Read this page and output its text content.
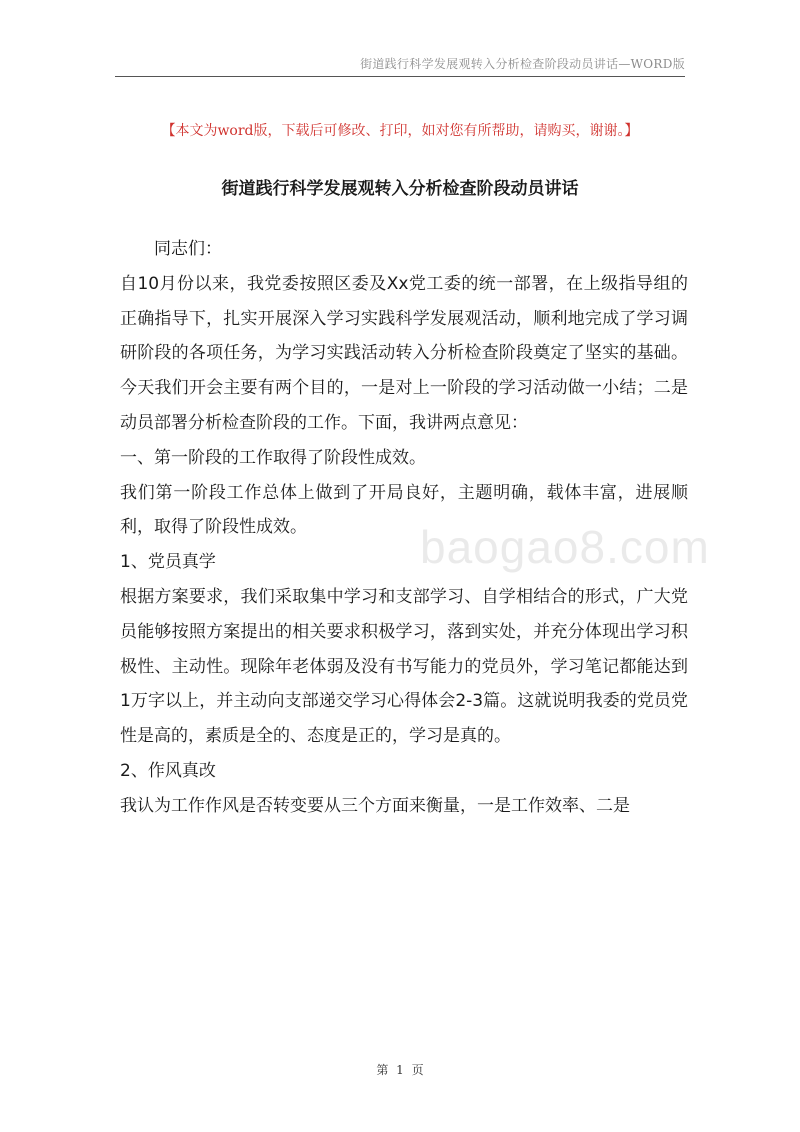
街道践行科学发展观转入分析检查阶段动员讲话—WORD版
【本文为word版，下载后可修改、打印，如对您有所帮助，请购买，谢谢。】
街道践行科学发展观转入分析检查阶段动员讲话

同志们：

自10月份以来，我党委按照区委及Xx党工委的统一部署，在上级指导组的正确指导下，扎实开展深入学习实践科学发展观活动，顺利地完成了学习调研阶段的各项任务，为学习实践活动转入分析检查阶段奠定了坚实的基础。今天我们开会主要有两个目的，一是对上一阶段的学习活动做一小结；二是动员部署分析检查阶段的工作。下面，我讲两点意见：

一、第一阶段的工作取得了阶段性成效。

我们第一阶段工作总体上做到了开局良好，主题明确，载体丰富，进展顺利，取得了阶段性成效。

1、党员真学

根据方案要求，我们采取集中学习和支部学习、自学相结合的形式，广大党员能够按照方案提出的相关要求积极学习，落到实处，并充分体现出学习积极性、主动性。现除年老体弱及没有书写能力的党员外，学习笔记都能达到1万字以上，并主动向支部递交学习心得体会2-3篇。这就说明我委的党员党性是高的，素质是全的、态度是正的，学习是真的。

2、作风真改

我认为工作作风是否转变要从三个方面来衡量，一是工作效率、二是

baogao8.com
第 1 页
